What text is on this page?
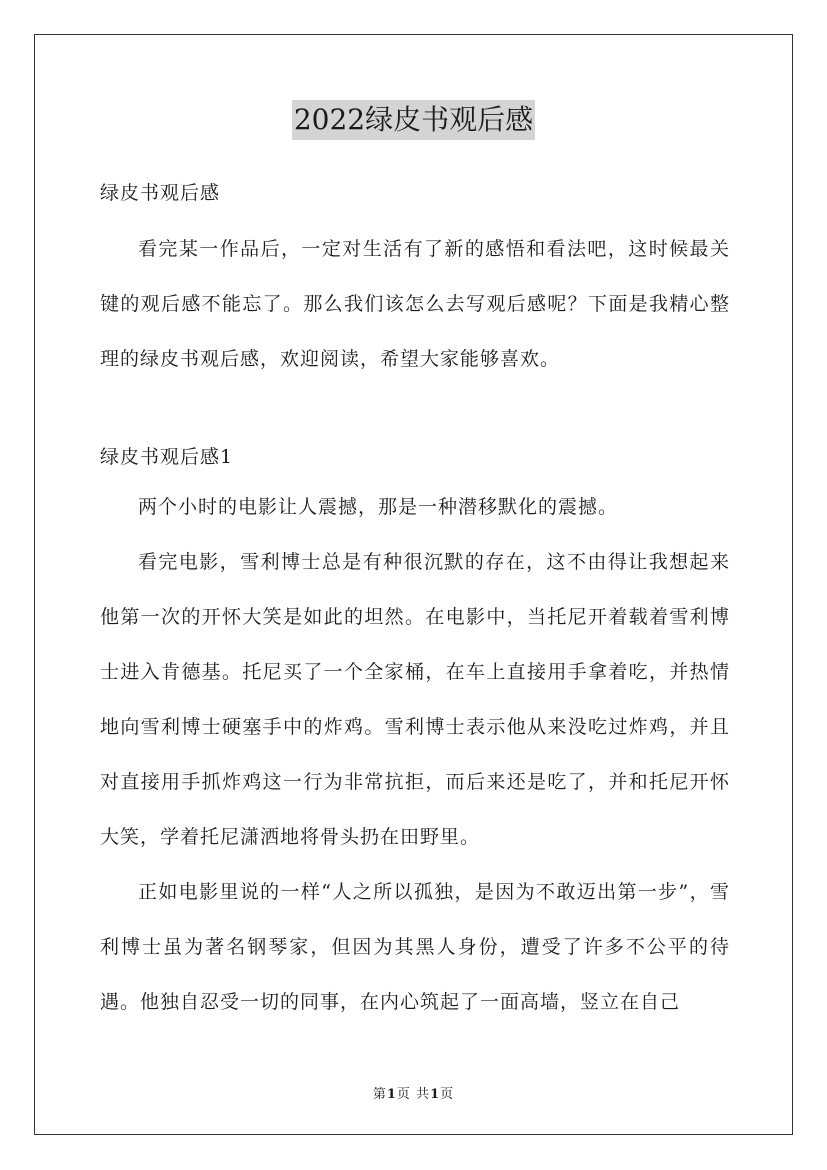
2022绿皮书观后感

绿皮书观后感

看完某一作品后，一定对生活有了新的感悟和看法吧，这时候最关键的观后感不能忘了。那么我们该怎么去写观后感呢？下面是我精心整理的绿皮书观后感，欢迎阅读，希望大家能够喜欢。

绿皮书观后感1

两个小时的电影让人震撼，那是一种潜移默化的震撼。

看完电影，雪利博士总是有种很沉默的存在，这不由得让我想起来他第一次的开怀大笑是如此的坦然。在电影中，当托尼开着载着雪利博士进入肯德基。托尼买了一个全家桶，在车上直接用手拿着吃，并热情地向雪利博士硬塞手中的炸鸡。雪利博士表示他从来没吃过炸鸡，并且对直接用手抓炸鸡这一行为非常抗拒，而后来还是吃了，并和托尼开怀大笑，学着托尼潇洒地将骨头扔在田野里。

正如电影里说的一样“人之所以孤独，是因为不敢迈出第一步”，雪利博士虽为著名钢琴家，但因为其黑人身份，遭受了许多不公平的待遇。他独自忍受一切的同事，在内心筑起了一面高墙，竖立在自己

第1页 共1页
